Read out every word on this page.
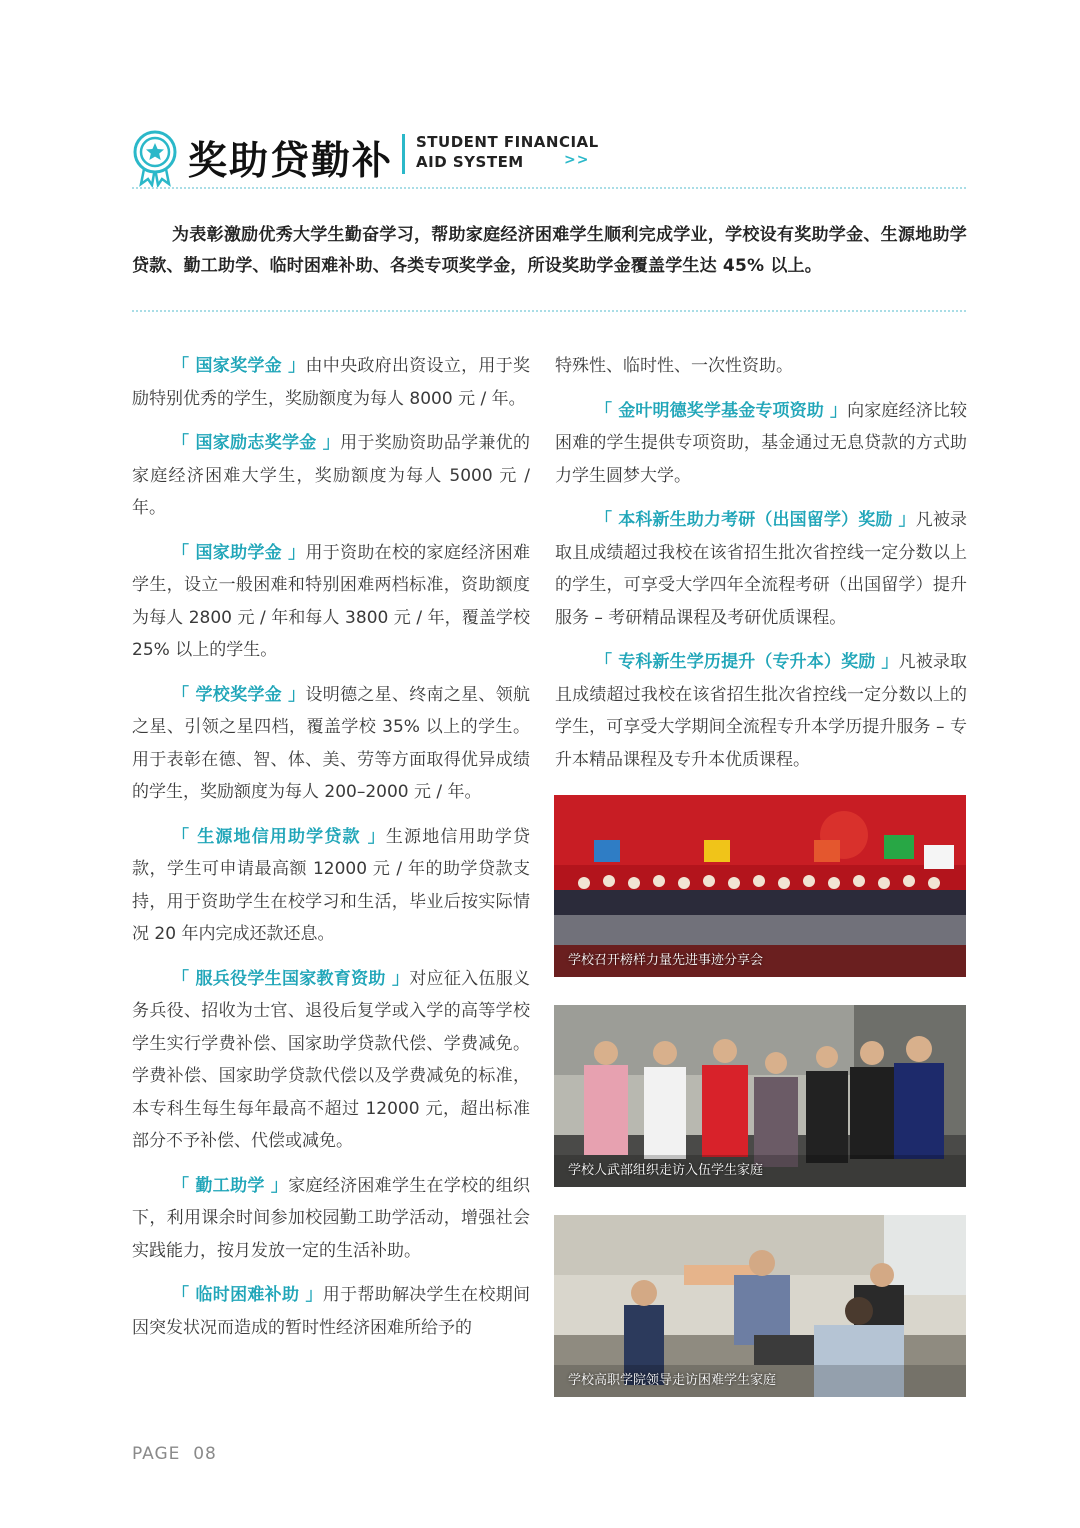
奖助贷勤补 STUDENT FINANCIAL
AID SYSTEM	>>
为表彰激励优秀大学生勤奋学习，帮助家庭经济困难学生顺利完成学业，学校设有奖助学金、生源地助学贷款、勤工助学、临时困难补助、各类专项奖学金，所设奖助学金覆盖学生达 45% 以上。

「 国家奖学金 」由中央政府出资设立，用于奖励特别优秀的学生，奖励额度为每人 8000 元 / 年。

「 国家励志奖学金 」用于奖励资助品学兼优的家庭经济困难大学生，奖励额度为每人 5000 元 / 年。

「 国家助学金 」用于资助在校的家庭经济困难学生，设立一般困难和特别困难两档标准，资助额度为每人 2800 元 / 年和每人 3800 元 / 年，覆盖学校 25% 以上的学生。

「 学校奖学金 」设明德之星、终南之星、领航之星、引领之星四档，覆盖学校 35% 以上的学生。用于表彰在德、智、体、美、劳等方面取得优异成绩的学生，奖励额度为每人 200–2000 元 / 年。

「 生源地信用助学贷款 」生源地信用助学贷款，学生可申请最高额 12000 元 / 年的助学贷款支持，用于资助学生在校学习和生活，毕业后按实际情况 20 年内完成还款还息。

「 服兵役学生国家教育资助 」对应征入伍服义务兵役、招收为士官、退役后复学或入学的高等学校学生实行学费补偿、国家助学贷款代偿、学费减免。学费补偿、国家助学贷款代偿以及学费减免的标准，本专科生每生每年最高不超过 12000 元，超出标准部分不予补偿、代偿或减免。

「 勤工助学 」家庭经济困难学生在学校的组织下，利用课余时间参加校园勤工助学活动，增强社会实践能力，按月发放一定的生活补助。

「 临时困难补助 」用于帮助解决学生在校期间因突发状况而造成的暂时性经济困难所给予的

特殊性、临时性、一次性资助。

「 金叶明德奖学基金专项资助 」向家庭经济比较困难的学生提供专项资助，基金通过无息贷款的方式助力学生圆梦大学。

「 本科新生助力考研（出国留学）奖励 」凡被录取且成绩超过我校在该省招生批次省控线一定分数以上的学生，可享受大学四年全流程考研（出国留学）提升服务 – 考研精品课程及考研优质课程。

「 专科新生学历提升（专升本）奖励 」凡被录取且成绩超过我校在该省招生批次省控线一定分数以上的学生，可享受大学期间全流程专升本学历提升服务 – 专升本精品课程及专升本优质课程。

学校召开榜样力量先进事迹分享会
学校人武部组织走访入伍学生家庭
学校高职学院领导走访困难学生家庭
PAGE  08
